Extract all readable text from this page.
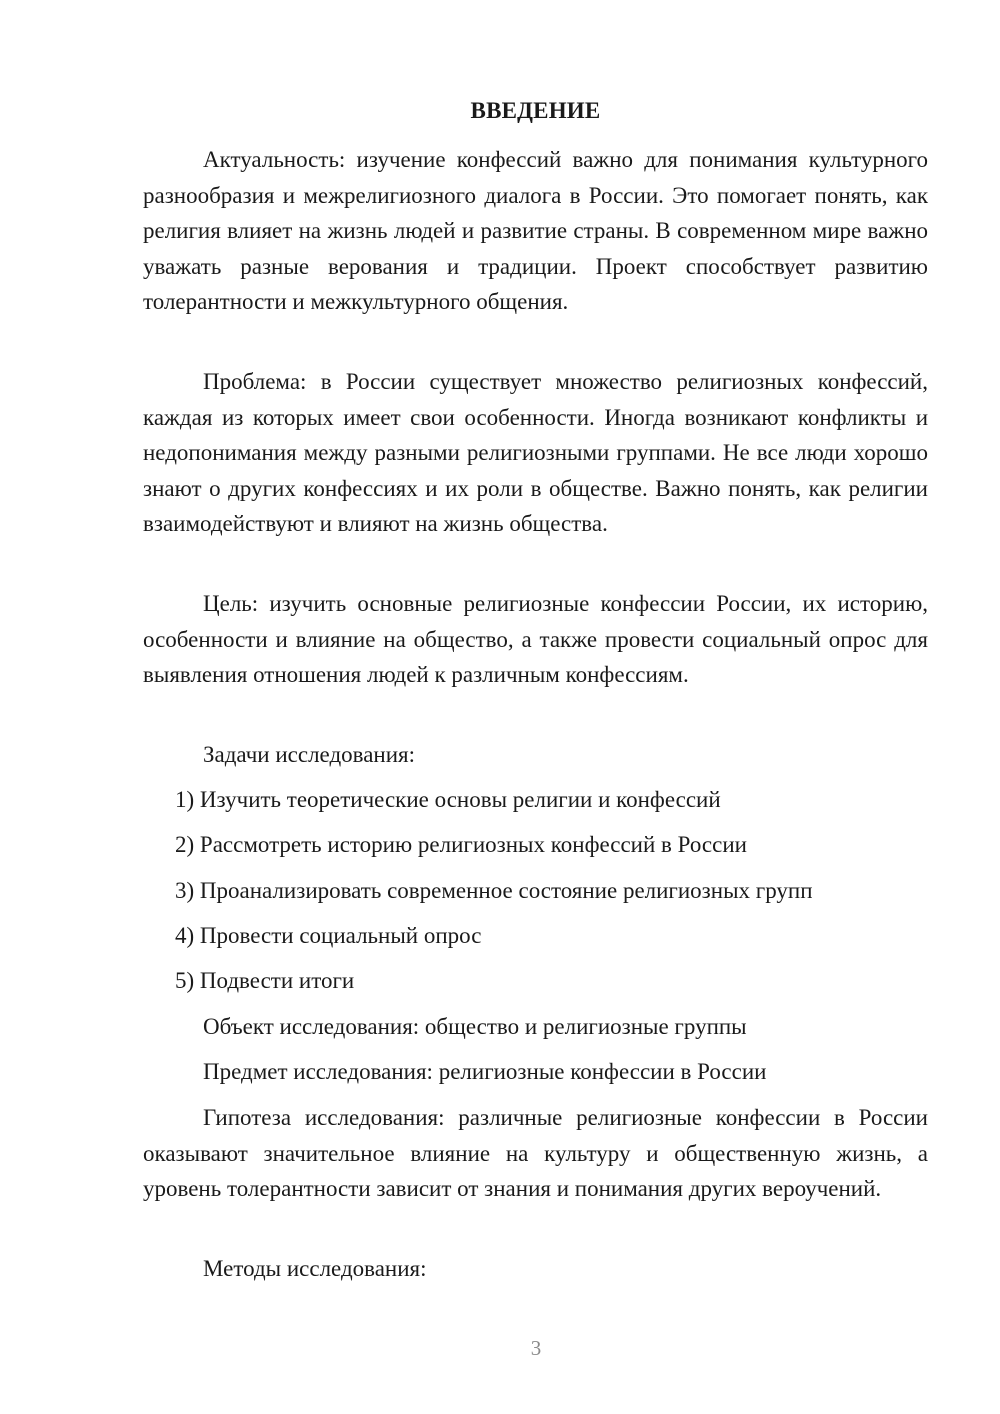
ВВЕДЕНИЕ

Актуальность: изучение конфессий важно для понимания культурного разнообразия и межрелигиозного диалога в России. Это помогает понять, как религия влияет на жизнь людей и развитие страны. В современном мире важно уважать разные верования и традиции. Проект способствует развитию толерантности и межкультурного общения.

Проблема: в России существует множество религиозных конфессий, каждая из которых имеет свои особенности. Иногда возникают конфликты и недопонимания между разными религиозными группами. Не все люди хорошо знают о других конфессиях и их роли в обществе. Важно понять, как религии взаимодействуют и влияют на жизнь общества.

Цель: изучить основные религиозные конфессии России, их историю, особенности и влияние на общество, а также провести социальный опрос для выявления отношения людей к различным конфессиям.

Задачи исследования:

1) Изучить теоретические основы религии и конфессий

2) Рассмотреть историю религиозных конфессий в России

3) Проанализировать современное состояние религиозных групп

4) Провести социальный опрос

5) Подвести итоги

Объект исследования: общество и религиозные группы

Предмет исследования: религиозные конфессии в России

Гипотеза исследования: различные религиозные конфессии в России оказывают значительное влияние на культуру и общественную жизнь, а уровень толерантности зависит от знания и понимания других вероучений.

Методы исследования:

3
